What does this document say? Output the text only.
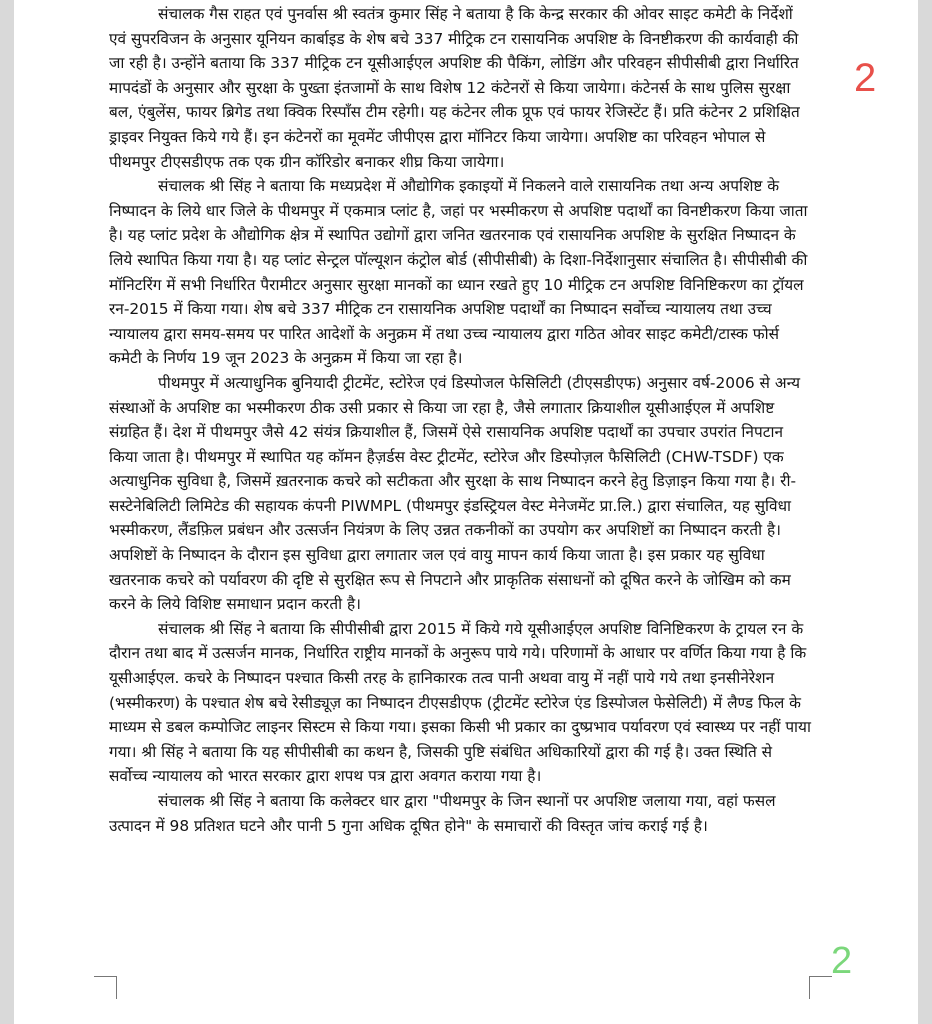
संचालक गैस राहत एवं पुनर्वास श्री स्वतंत्र कुमार सिंह ने बताया है कि केन्द्र सरकार की ओवर साइट कमेटी के निर्देशों एवं सुपरविजन के अनुसार यूनियन कार्बाइड के शेष बचे 337 मीट्रिक टन रासायनिक अपशिष्ट के विनष्टीकरण की कार्यवाही की जा रही है। उन्होंने बताया कि 337 मीट्रिक टन यूसीआईएल अपशिष्ट की पैकिंग, लोडिंग और परिवहन सीपीसीबी द्वारा निर्धारित मापदंडों के अनुसार और सुरक्षा के पुख्ता इंतजामों के साथ विशेष 12 कंटेनरों से किया जायेगा। कंटेनर्स के साथ पुलिस सुरक्षा बल, एंबुलेंस, फायर ब्रिगेड तथा क्विक रिस्पॉंस टीम रहेगी। यह कंटेनर लीक प्रूफ एवं फायर रेजिस्टेंट हैं। प्रति कंटेनर 2 प्रशिक्षित ड्राइवर नियुक्त किये गये हैं। इन कंटेनरों का मूवमेंट जीपीएस द्वारा मॉनिटर किया जायेगा। अपशिष्ट का परिवहन भोपाल से पीथमपुर टीएसडीएफ तक एक ग्रीन कॉरिडोर बनाकर शीघ्र किया जायेगा।

संचालक श्री सिंह ने बताया कि मध्यप्रदेश में औद्योगिक इकाइयों में निकलने वाले रासायनिक तथा अन्य अपशिष्ट के निष्पादन के लिये धार जिले के पीथमपुर में एकमात्र प्लांट है, जहां पर भस्मीकरण से अपशिष्ट पदार्थों का विनष्टीकरण किया जाता है। यह प्लांट प्रदेश के औद्योगिक क्षेत्र में स्थापित उद्योगों द्वारा जनित खतरनाक एवं रासायनिक अपशिष्ट के सुरक्षित निष्पादन के लिये स्थापित किया गया है। यह प्लांट सेन्ट्रल पॉल्यूशन कंट्रोल बोर्ड (सीपीसीबी) के दिशा-निर्देशानुसार संचालित है। सीपीसीबी की मॉनिटरिंग में सभी निर्धारित पैरामीटर अनुसार सुरक्षा मानकों का ध्यान रखते हुए 10 मीट्रिक टन अपशिष्ट विनिष्टिकरण का ट्रॉयल रन-2015 में किया गया। शेष बचे 337 मीट्रिक टन रासायनिक अपशिष्ट पदार्थों का निष्पादन सर्वोच्च न्यायालय तथा उच्च न्यायालय द्वारा समय-समय पर पारित आदेशों के अनुक्रम में तथा उच्च न्यायालय द्वारा गठित ओवर साइट कमेटी/टास्क फोर्स कमेटी के निर्णय 19 जून 2023 के अनुक्रम में किया जा रहा है।

पीथमपुर में अत्याधुनिक बुनियादी ट्रीटमेंट, स्टोरेज एवं डिस्पोजल फेसिलिटी (टीएसडीएफ) अनुसार वर्ष-2006 से अन्य संस्थाओं के अपशिष्ट का भस्मीकरण ठीक उसी प्रकार से किया जा रहा है, जैसे लगातार क्रियाशील यूसीआईएल में अपशिष्ट संग्रहित हैं। देश में पीथमपुर जैसे 42 संयंत्र क्रियाशील हैं, जिसमें ऐसे रासायनिक अपशिष्ट पदार्थों का उपचार उपरांत निपटान किया जाता है। पीथमपुर में स्थापित यह कॉमन हैज़र्डस वेस्ट ट्रीटमेंट, स्टोरेज और डिस्पोज़ल फैसिलिटी (CHW-TSDF) एक अत्याधुनिक सुविधा है, जिसमें ख़तरनाक कचरे को सटीकता और सुरक्षा के साथ निष्पादन करने हेतु डिज़ाइन किया गया है। री-सस्टेनेबिलिटी लिमिटेड की सहायक कंपनी PIWMPL (पीथमपुर इंडस्ट्रियल वेस्ट मेनेजमेंट प्रा.लि.) द्वारा संचालित, यह सुविधा भस्मीकरण, लैंडफ़िल प्रबंधन और उत्सर्जन नियंत्रण के लिए उन्नत तकनीकों का उपयोग कर अपशिष्टों का निष्पादन करती है। अपशिष्टों के निष्पादन के दौरान इस सुविधा द्वारा लगातार जल एवं वायु मापन कार्य किया जाता है। इस प्रकार यह सुविधा खतरनाक कचरे को पर्यावरण की दृष्टि से सुरक्षित रूप से निपटाने और प्राकृतिक संसाधनों को दूषित करने के जोखिम को कम करने के लिये विशिष्ट समाधान प्रदान करती है।

संचालक श्री सिंह ने बताया कि सीपीसीबी द्वारा 2015 में किये गये यूसीआईएल अपशिष्ट विनिष्टिकरण के ट्रायल रन के दौरान तथा बाद में उत्सर्जन मानक, निर्धारित राष्ट्रीय मानकों के अनुरूप पाये गये। परिणामों के आधार पर वर्णित किया गया है कि यूसीआईएल. कचरे के निष्पादन पश्चात किसी तरह के हानिकारक तत्व पानी अथवा वायु में नहीं पाये गये तथा इनसीनेरेशन (भस्मीकरण) के पश्चात शेष बचे रेसीड्यूज़ का निष्पादन टीएसडीएफ (ट्रीटमेंट स्टोरेज एंड डिस्पोजल फेसेलिटी) में लैण्ड फिल के माध्यम से डबल कम्पोजिट लाइनर सिस्टम से किया गया। इसका किसी भी प्रकार का दुष्प्रभाव पर्यावरण एवं स्वास्थ्य पर नहीं पाया गया। श्री सिंह ने बताया कि यह सीपीसीबी का कथन है, जिसकी पुष्टि संबंधित अधिकारियों द्वारा की गई है। उक्त स्थिति से सर्वोच्च न्यायालय को भारत सरकार द्वारा शपथ पत्र द्वारा अवगत कराया गया है।

संचालक श्री सिंह ने बताया कि कलेक्टर धार द्वारा "पीथमपुर के जिन स्थानों पर अपशिष्ट जलाया गया, वहां फसल उत्पादन में 98 प्रतिशत घटने और पानी 5 गुना अधिक दूषित होने" के समाचारों की विस्तृत जांच कराई गई है।

2
2
